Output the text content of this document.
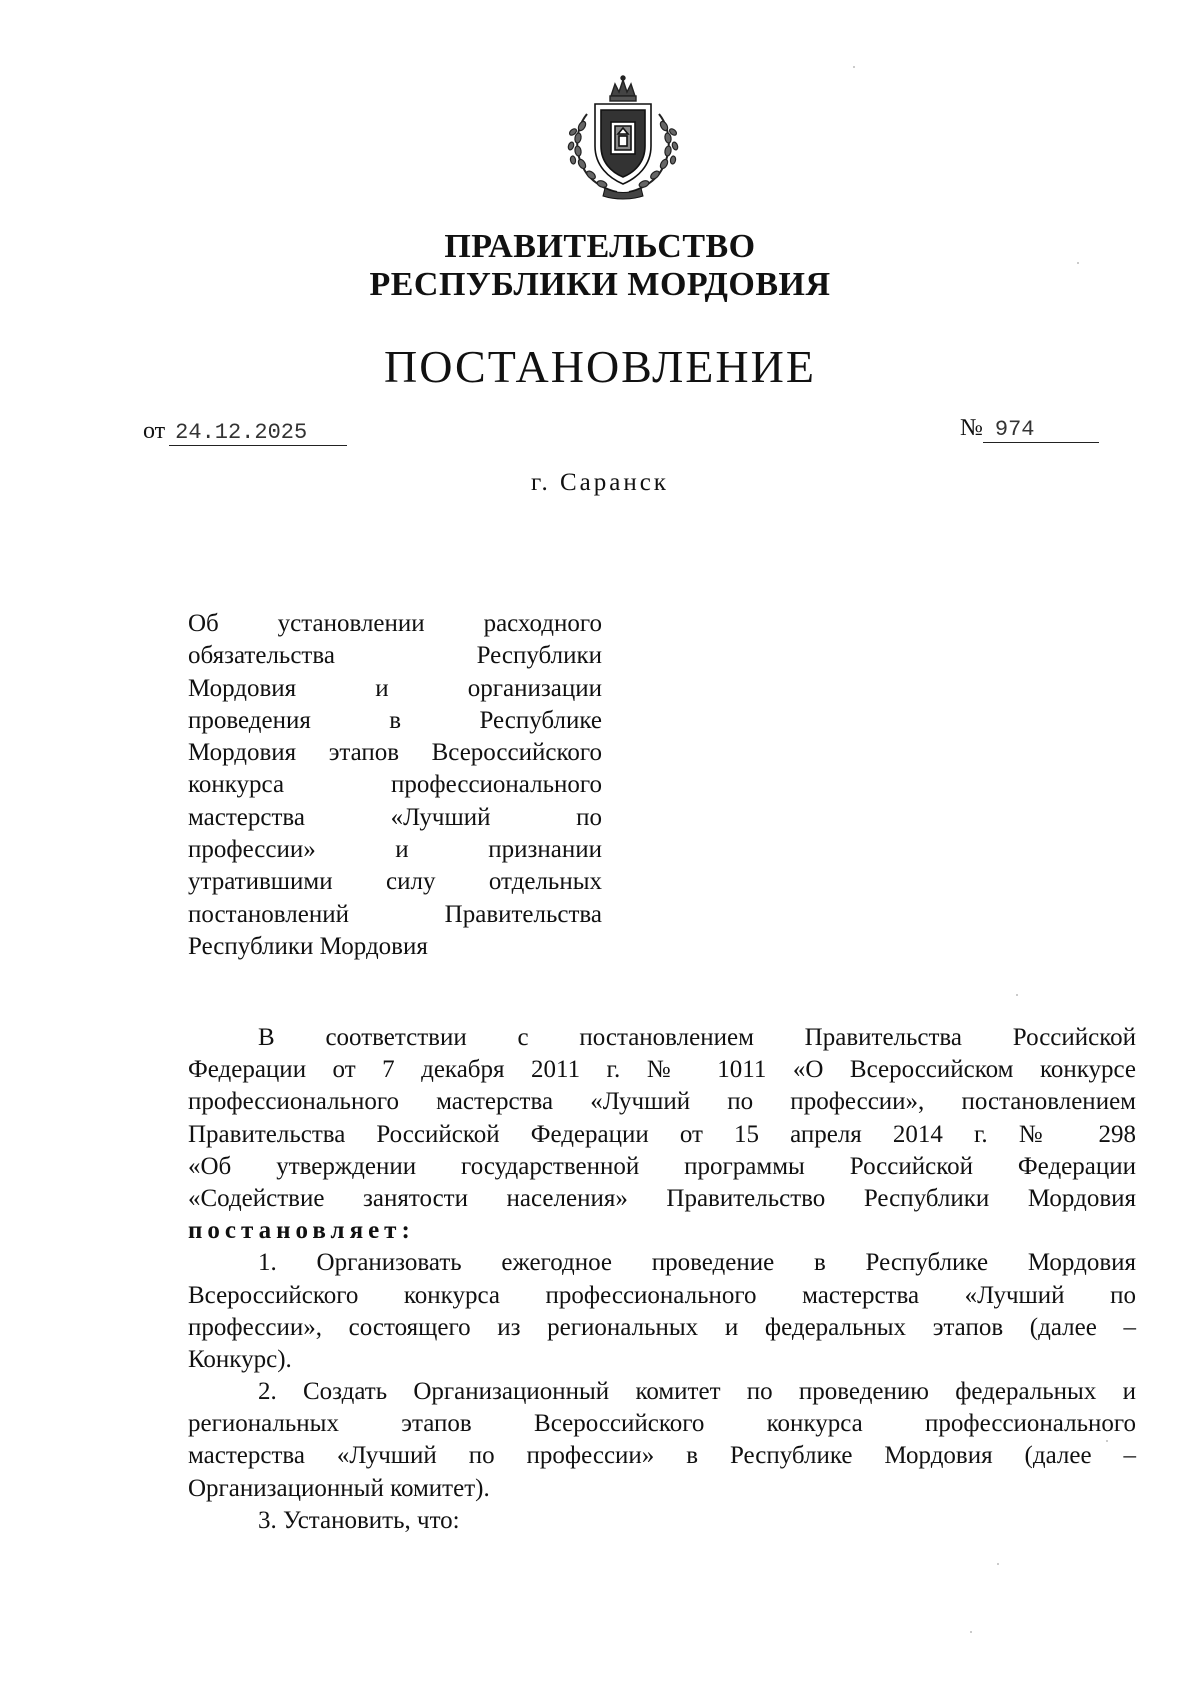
ПРАВИТЕЛЬСТВО
РЕСПУБЛИКИ МОРДОВИЯ
ПОСТАНОВЛЕНИЕ
от 24.12.2025	№ 974
г. Саранск
Об установлении расходного
обязательства Республики
Мордовия и организации
проведения в Республике
Мордовия этапов Всероссийского
конкурса профессионального
мастерства «Лучший по
профессии» и признании
утратившими силу отдельных
постановлений Правительства
Республики Мордовия
В соответствии с постановлением Правительства Российской
Федерации от 7 декабря 2011 г. № 1011 «О Всероссийском конкурсе
профессионального мастерства «Лучший по профессии», постановлением
Правительства Российской Федерации от 15 апреля 2014 г. № 298
«Об утверждении государственной программы Российской Федерации
«Содействие занятости населения» Правительство Республики Мордовия
постановляет:
1. Организовать ежегодное проведение в Республике Мордовия
Всероссийского конкурса профессионального мастерства «Лучший по
профессии», состоящего из региональных и федеральных этапов (далее –
Конкурс).
2. Создать Организационный комитет по проведению федеральных и
региональных этапов Всероссийского конкурса профессионального
мастерства «Лучший по профессии» в Республике Мордовия (далее –
Организационный комитет).
3. Установить, что:
